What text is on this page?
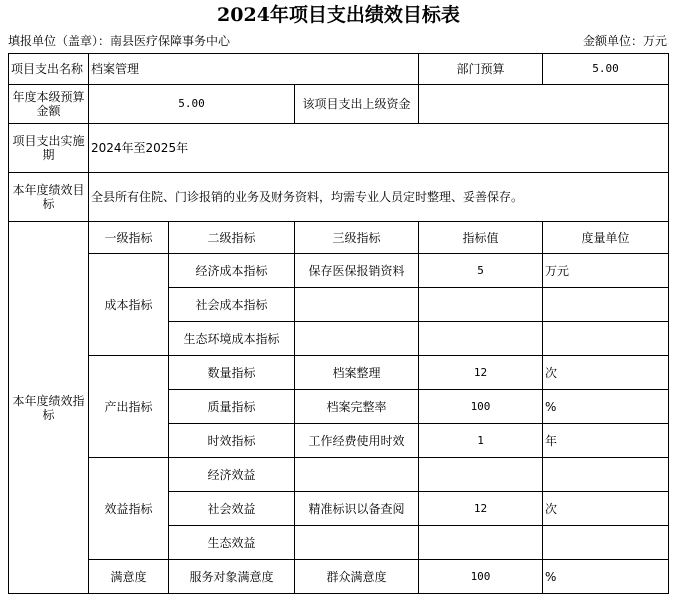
2024年项目支出绩效目标表
填报单位（盖章）：南县医疗保障事务中心	金额单位：万元
项目支出名称	档案管理			部门预算	5.00
年度本级预算金额	5.00		该项目支出上级资金		
项目支出实施期	2024年至2025年				
本年度绩效目标	全县所有住院、门诊报销的业务及财务资料，均需专业人员定时整理、妥善保存。				
本年度绩效指标	一级指标	二级指标	三级指标	指标值	度量单位
	成本指标	经济成本指标	保存医保报销资料	5	万元
		社会成本指标			
		生态环境成本指标			
	产出指标	数量指标	档案整理	12	次
		质量指标	档案完整率	100	%
		时效指标	工作经费使用时效	1	年
	效益指标	经济效益			
		社会效益	精准标识以备查阅	12	次
		生态效益			
	满意度	服务对象满意度	群众满意度	100	%
